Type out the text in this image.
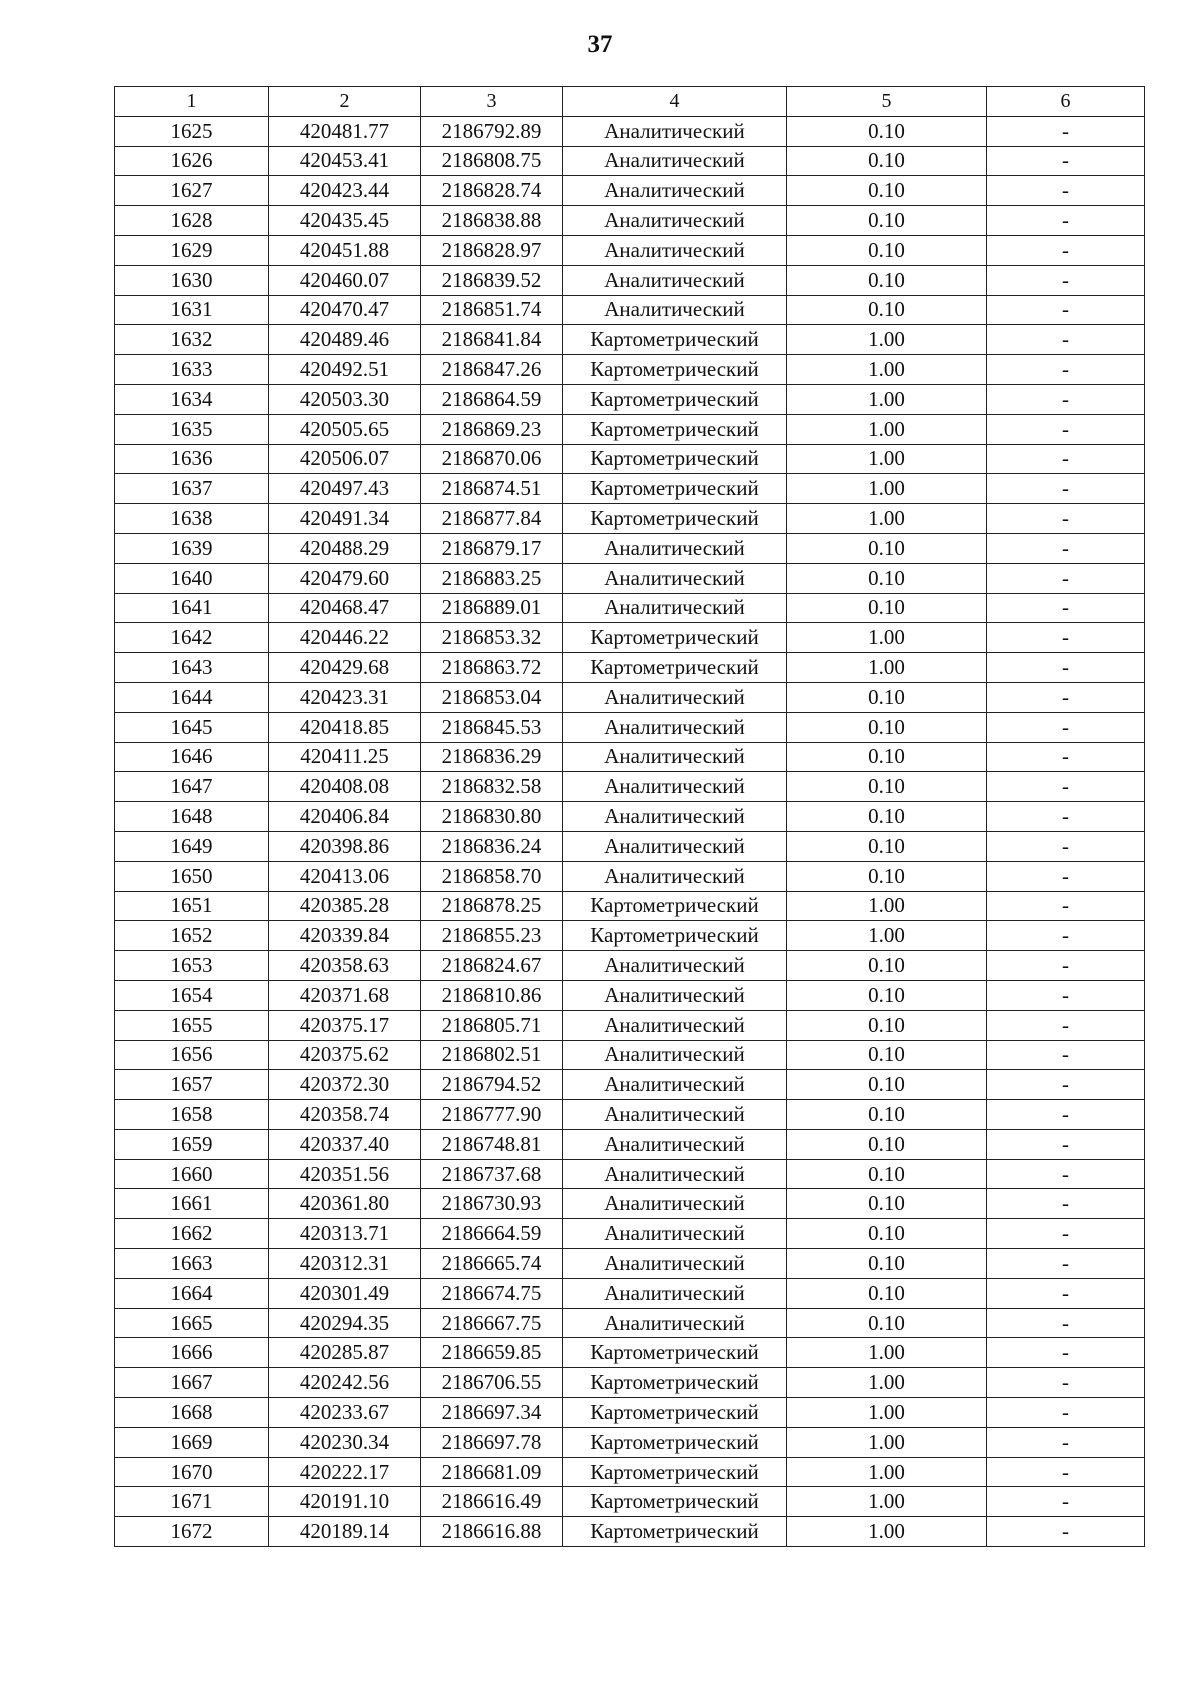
37
1	2	3	4	5	6
1625	420481.77	2186792.89	Аналитический	0.10	-
1626	420453.41	2186808.75	Аналитический	0.10	-
1627	420423.44	2186828.74	Аналитический	0.10	-
1628	420435.45	2186838.88	Аналитический	0.10	-
1629	420451.88	2186828.97	Аналитический	0.10	-
1630	420460.07	2186839.52	Аналитический	0.10	-
1631	420470.47	2186851.74	Аналитический	0.10	-
1632	420489.46	2186841.84	Картометрический	1.00	-
1633	420492.51	2186847.26	Картометрический	1.00	-
1634	420503.30	2186864.59	Картометрический	1.00	-
1635	420505.65	2186869.23	Картометрический	1.00	-
1636	420506.07	2186870.06	Картометрический	1.00	-
1637	420497.43	2186874.51	Картометрический	1.00	-
1638	420491.34	2186877.84	Картометрический	1.00	-
1639	420488.29	2186879.17	Аналитический	0.10	-
1640	420479.60	2186883.25	Аналитический	0.10	-
1641	420468.47	2186889.01	Аналитический	0.10	-
1642	420446.22	2186853.32	Картометрический	1.00	-
1643	420429.68	2186863.72	Картометрический	1.00	-
1644	420423.31	2186853.04	Аналитический	0.10	-
1645	420418.85	2186845.53	Аналитический	0.10	-
1646	420411.25	2186836.29	Аналитический	0.10	-
1647	420408.08	2186832.58	Аналитический	0.10	-
1648	420406.84	2186830.80	Аналитический	0.10	-
1649	420398.86	2186836.24	Аналитический	0.10	-
1650	420413.06	2186858.70	Аналитический	0.10	-
1651	420385.28	2186878.25	Картометрический	1.00	-
1652	420339.84	2186855.23	Картометрический	1.00	-
1653	420358.63	2186824.67	Аналитический	0.10	-
1654	420371.68	2186810.86	Аналитический	0.10	-
1655	420375.17	2186805.71	Аналитический	0.10	-
1656	420375.62	2186802.51	Аналитический	0.10	-
1657	420372.30	2186794.52	Аналитический	0.10	-
1658	420358.74	2186777.90	Аналитический	0.10	-
1659	420337.40	2186748.81	Аналитический	0.10	-
1660	420351.56	2186737.68	Аналитический	0.10	-
1661	420361.80	2186730.93	Аналитический	0.10	-
1662	420313.71	2186664.59	Аналитический	0.10	-
1663	420312.31	2186665.74	Аналитический	0.10	-
1664	420301.49	2186674.75	Аналитический	0.10	-
1665	420294.35	2186667.75	Аналитический	0.10	-
1666	420285.87	2186659.85	Картометрический	1.00	-
1667	420242.56	2186706.55	Картометрический	1.00	-
1668	420233.67	2186697.34	Картометрический	1.00	-
1669	420230.34	2186697.78	Картометрический	1.00	-
1670	420222.17	2186681.09	Картометрический	1.00	-
1671	420191.10	2186616.49	Картометрический	1.00	-
1672	420189.14	2186616.88	Картометрический	1.00	-
